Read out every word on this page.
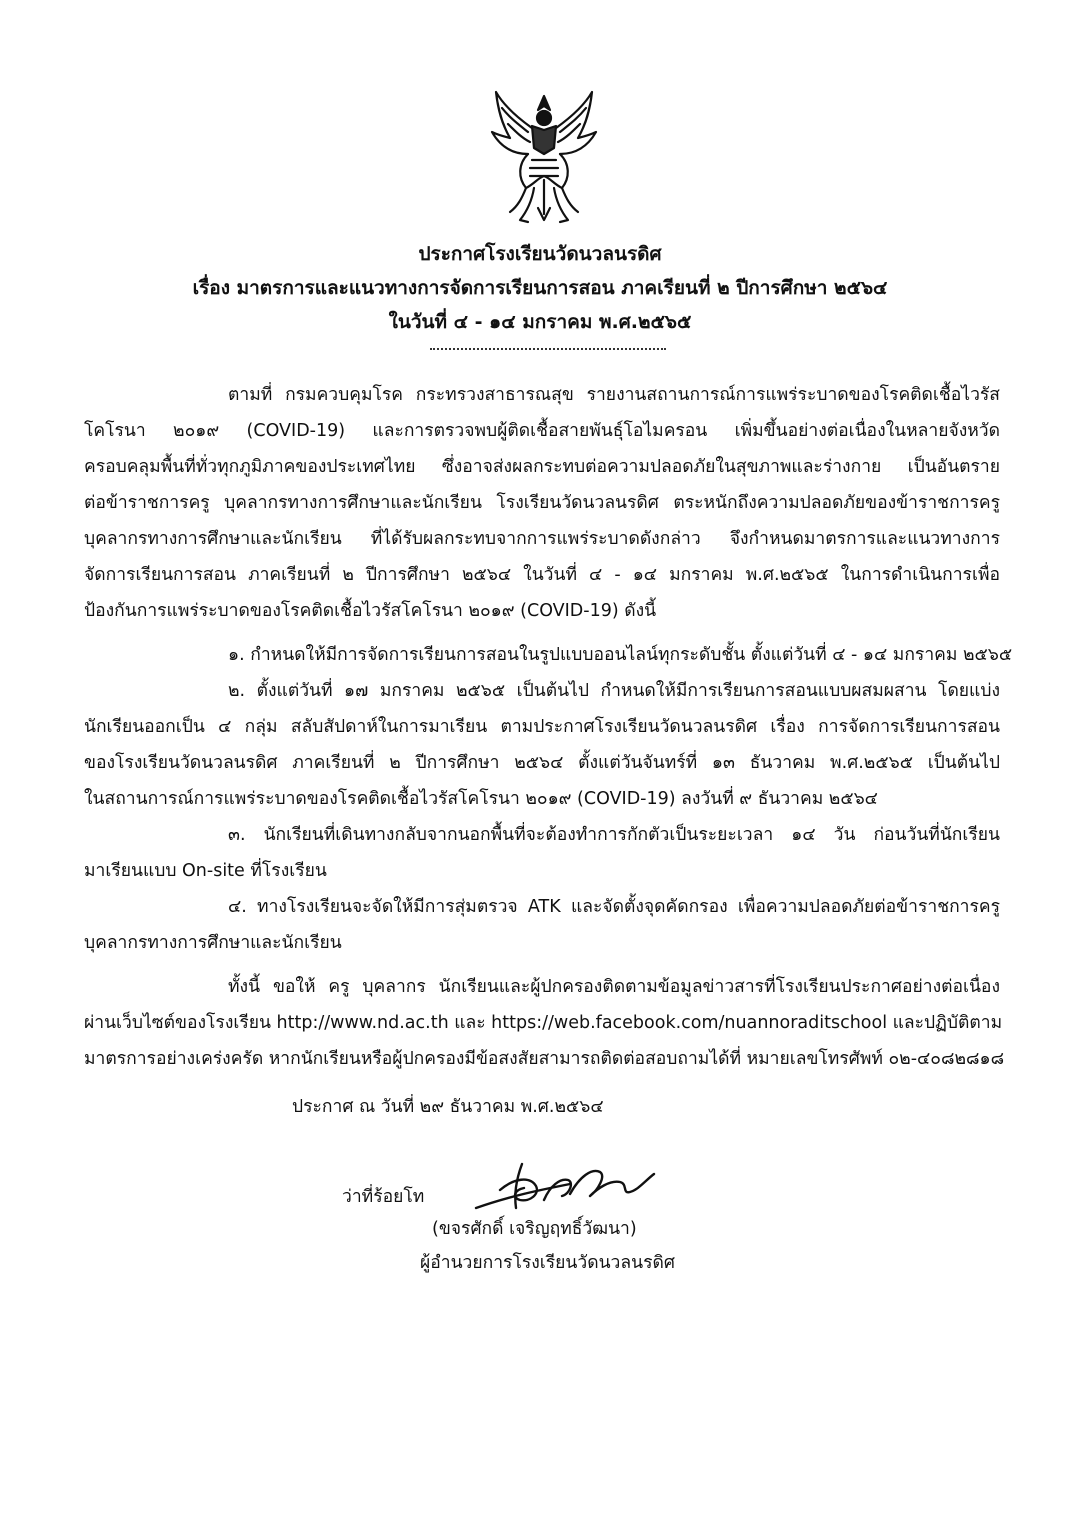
ประกาศโรงเรียนวัดนวลนรดิศ
เรื่อง มาตรการและแนวทางการจัดการเรียนการสอน ภาคเรียนที่ ๒ ปีการศึกษา ๒๕๖๔
ในวันที่ ๔ - ๑๔ มกราคม พ.ศ.๒๕๖๕
ตามที่ กรมควบคุมโรค กระทรวงสาธารณสุข รายงานสถานการณ์การแพร่ระบาดของโรคติดเชื้อไวรัส
โคโรนา ๒๐๑๙ (COVID-19) และการตรวจพบผู้ติดเชื้อสายพันธุ์โอไมครอน เพิ่มขึ้นอย่างต่อเนื่องในหลายจังหวัด
ครอบคลุมพื้นที่ทั่วทุกภูมิภาคของประเทศไทย ซึ่งอาจส่งผลกระทบต่อความปลอดภัยในสุขภาพและร่างกาย เป็นอันตราย
ต่อข้าราชการครู บุคลากรทางการศึกษาและนักเรียน โรงเรียนวัดนวลนรดิศ ตระหนักถึงความปลอดภัยของข้าราชการครู
บุคลากรทางการศึกษาและนักเรียน ที่ได้รับผลกระทบจากการแพร่ระบาดดังกล่าว จึงกำหนดมาตรการและแนวทางการ
จัดการเรียนการสอน ภาคเรียนที่ ๒ ปีการศึกษา ๒๕๖๔ ในวันที่ ๔ - ๑๔ มกราคม พ.ศ.๒๕๖๕ ในการดำเนินการเพื่อ
ป้องกันการแพร่ระบาดของโรคติดเชื้อไวรัสโคโรนา ๒๐๑๙ (COVID-19) ดังนี้
๑. กำหนดให้มีการจัดการเรียนการสอนในรูปแบบออนไลน์ทุกระดับชั้น ตั้งแต่วันที่ ๔ - ๑๔ มกราคม ๒๕๖๕
๒. ตั้งแต่วันที่ ๑๗ มกราคม ๒๕๖๕ เป็นต้นไป กำหนดให้มีการเรียนการสอนแบบผสมผสาน โดยแบ่ง
นักเรียนออกเป็น ๔ กลุ่ม สลับสัปดาห์ในการมาเรียน ตามประกาศโรงเรียนวัดนวลนรดิศ เรื่อง การจัดการเรียนการสอน
ของโรงเรียนวัดนวลนรดิศ ภาคเรียนที่ ๒ ปีการศึกษา ๒๕๖๔ ตั้งแต่วันจันทร์ที่ ๑๓ ธันวาคม พ.ศ.๒๕๖๕ เป็นต้นไป
ในสถานการณ์การแพร่ระบาดของโรคติดเชื้อไวรัสโคโรนา ๒๐๑๙ (COVID-19) ลงวันที่ ๙ ธันวาคม ๒๕๖๔
๓. นักเรียนที่เดินทางกลับจากนอกพื้นที่จะต้องทำการกักตัวเป็นระยะเวลา ๑๔ วัน ก่อนวันที่นักเรียน
มาเรียนแบบ On-site ที่โรงเรียน
๔. ทางโรงเรียนจะจัดให้มีการสุ่มตรวจ ATK และจัดตั้งจุดคัดกรอง เพื่อความปลอดภัยต่อข้าราชการครู
บุคลากรทางการศึกษาและนักเรียน
ทั้งนี้ ขอให้ ครู บุคลากร นักเรียนและผู้ปกครองติดตามข้อมูลข่าวสารที่โรงเรียนประกาศอย่างต่อเนื่อง
ผ่านเว็บไซต์ของโรงเรียน http://www.nd.ac.th และ https://web.facebook.com/nuannoraditschool และปฏิบัติตาม
มาตรการอย่างเคร่งครัด หากนักเรียนหรือผู้ปกครองมีข้อสงสัยสามารถติดต่อสอบถามได้ที่ หมายเลขโทรศัพท์ ๐๒-๔๐๘๒๘๑๘
ประกาศ ณ วันที่ ๒๙ ธันวาคม พ.ศ.๒๕๖๔
ว่าที่ร้อยโท
(ขจรศักดิ์ เจริญฤทธิ์วัฒนา)
ผู้อำนวยการโรงเรียนวัดนวลนรดิศ
